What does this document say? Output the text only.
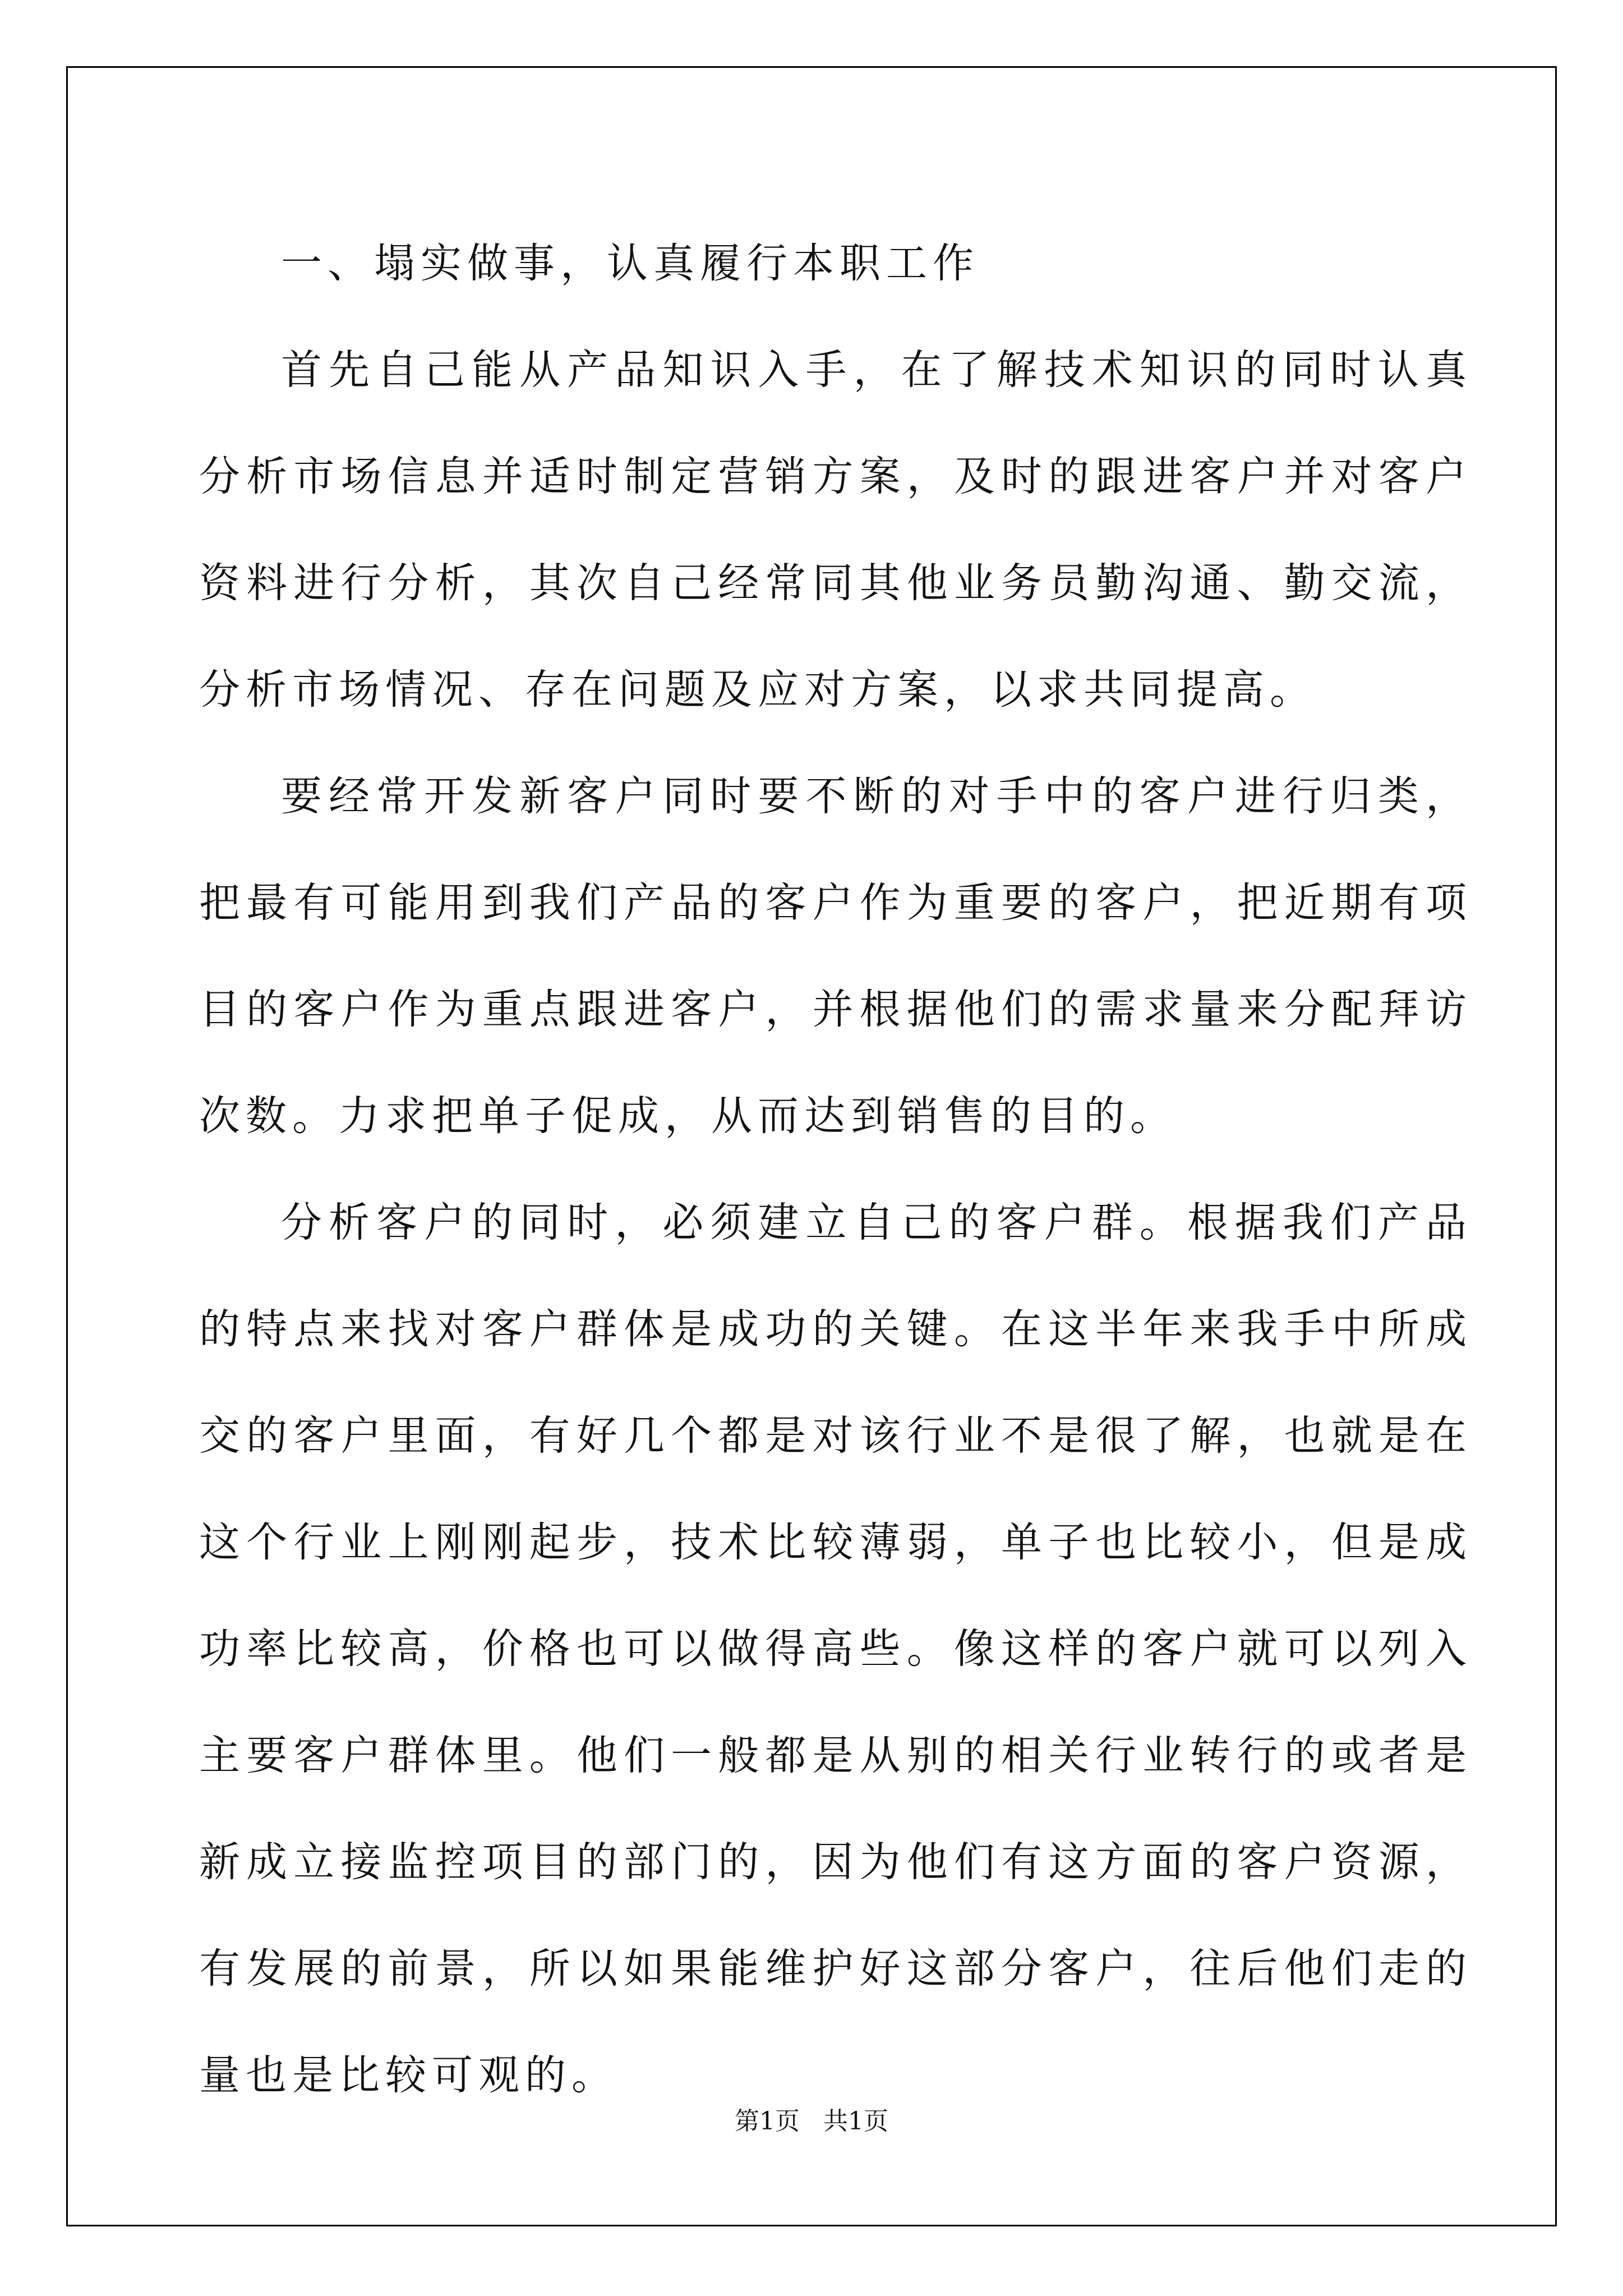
一、塌实做事，认真履行本职工作

首先自己能从产品知识入手，在了解技术知识的同时认真分析市场信息并适时制定营销方案，及时的跟进客户并对客户资料进行分析，其次自己经常同其他业务员勤沟通、勤交流，分析市场情况、存在问题及应对方案，以求共同提高。

要经常开发新客户同时要不断的对手中的客户进行归类，把最有可能用到我们产品的客户作为重要的客户，把近期有项目的客户作为重点跟进客户，并根据他们的需求量来分配拜访次数。力求把单子促成，从而达到销售的目的。

分析客户的同时，必须建立自己的客户群。根据我们产品的特点来找对客户群体是成功的关键。在这半年来我手中所成交的客户里面，有好几个都是对该行业不是很了解，也就是在这个行业上刚刚起步，技术比较薄弱，单子也比较小，但是成功率比较高，价格也可以做得高些。像这样的客户就可以列入主要客户群体里。他们一般都是从别的相关行业转行的或者是新成立接监控项目的部门的，因为他们有这方面的客户资源，有发展的前景，所以如果能维护好这部分客户，往后他们走的量也是比较可观的。

第1页 共1页
